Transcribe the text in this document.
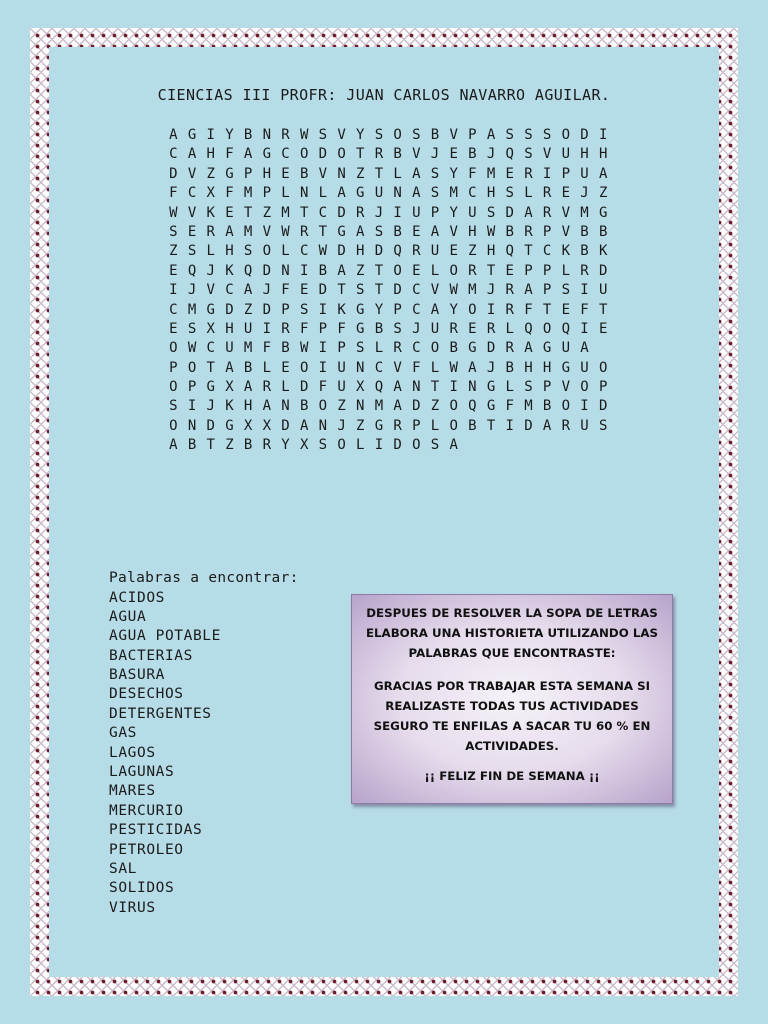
CIENCIAS III PROFR: JUAN CARLOS NAVARRO AGUILAR.
A G I Y B N R W S V Y S O S B V P A S S S O D I
C A H F A G C O D O T R B V J E B J Q S V U H H
D V Z G P H E B V N Z T L A S Y F M E R I P U A
F C X F M P L N L A G U N A S M C H S L R E J Z
W V K E T Z M T C D R J I U P Y U S D A R V M G
S E R A M V W R T G A S B E A V H W B R P V B B
Z S L H S O L C W D H D Q R U E Z H Q T C K B K
E Q J K Q D N I B A Z T O E L O R T E P P L R D
I J V C A J F E D T S T D C V W M J R A P S I U
C M G D Z D P S I K G Y P C A Y O I R F T E F T
E S X H U I R F P F G B S J U R E R L Q O Q I E
O W C U M F B W I P S L R C O B G D R A G U A
P O T A B L E O I U N C V F L W A J B H H G U O
O P G X A R L D F U X Q A N T I N G L S P V O P
S I J K H A N B O Z N M A D Z O Q G F M B O I D
O N D G X X D A N J Z G R P L O B T I D A R U S
A B T Z B R Y X S O L I D O S A
Palabras a encontrar:
ACIDOS
AGUA
AGUA POTABLE
BACTERIAS
BASURA
DESECHOS
DETERGENTES
GAS
LAGOS
LAGUNAS
MARES
MERCURIO
PESTICIDAS
PETROLEO
SAL
SOLIDOS
VIRUS

DESPUES DE RESOLVER LA SOPA DE LETRAS ELABORA UNA HISTORIETA UTILIZANDO LAS PALABRAS QUE ENCONTRASTE:

GRACIAS POR TRABAJAR ESTA SEMANA SI REALIZASTE TODAS TUS ACTIVIDADES SEGURO TE ENFILAS A SACAR TU 60 % EN ACTIVIDADES.

¡¡ FELIZ FIN DE SEMANA ¡¡
